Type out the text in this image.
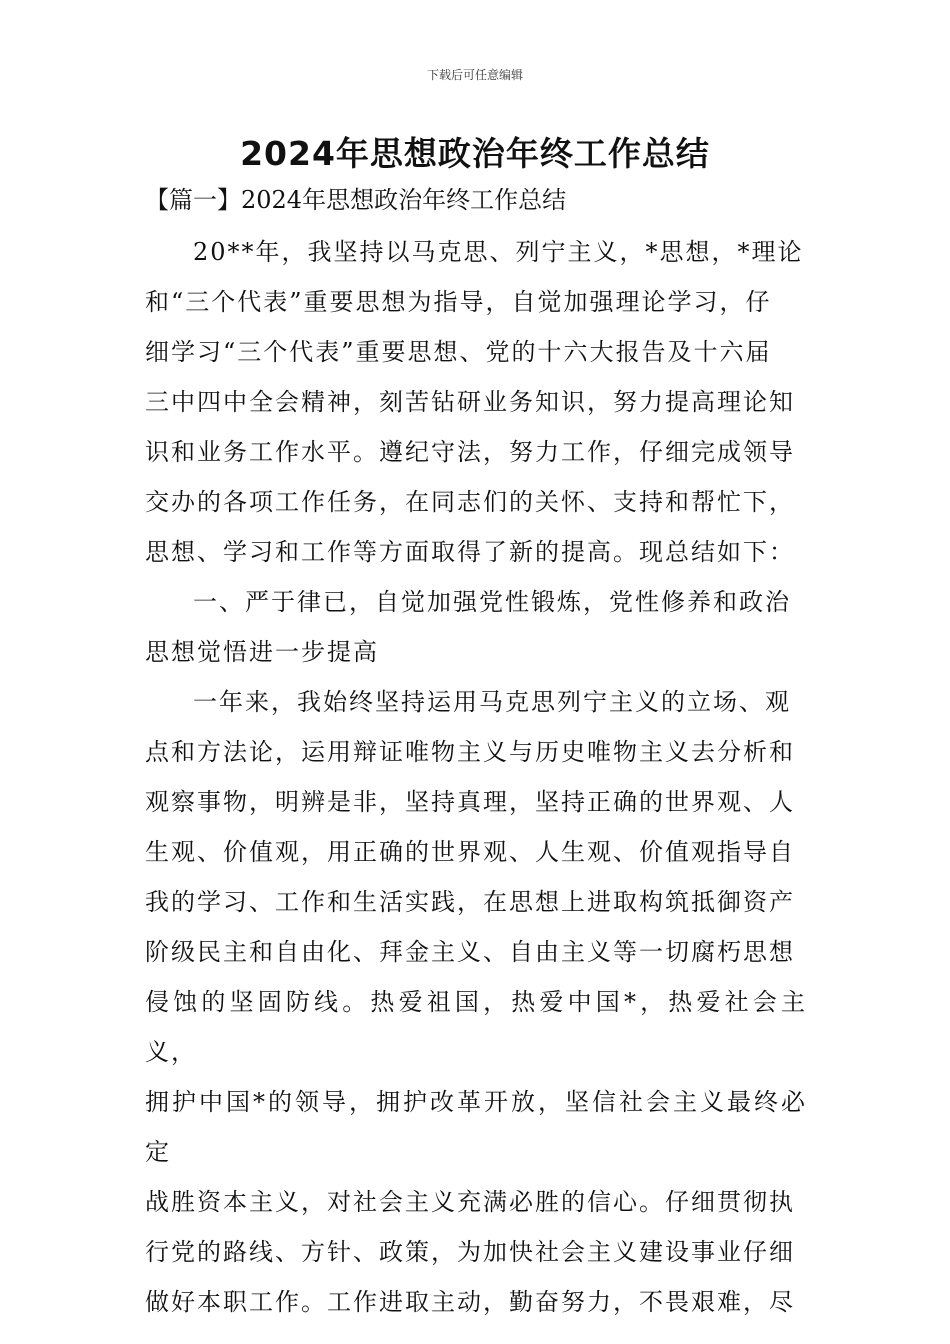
下载后可任意编辑
2024年思想政治年终工作总结
【篇一】2024年思想政治年终工作总结

20**年，我坚持以马克思、列宁主义，*思想，*理论
和“三个代表”重要思想为指导，自觉加强理论学习，仔
细学习“三个代表”重要思想、党的十六大报告及十六届
三中四中全会精神，刻苦钻研业务知识，努力提高理论知
识和业务工作水平。遵纪守法，努力工作，仔细完成领导
交办的各项工作任务，在同志们的关怀、支持和帮忙下，
思想、学习和工作等方面取得了新的提高。现总结如下：

一、严于律已，自觉加强党性锻炼，党性修养和政治
思想觉悟进一步提高

一年来，我始终坚持运用马克思列宁主义的立场、观
点和方法论，运用辩证唯物主义与历史唯物主义去分析和
观察事物，明辨是非，坚持真理，坚持正确的世界观、人
生观、价值观，用正确的世界观、人生观、价值观指导自
我的学习、工作和生活实践，在思想上进取构筑抵御资产
阶级民主和自由化、拜金主义、自由主义等一切腐朽思想
侵蚀的坚固防线。热爱祖国，热爱中国*，热爱社会主义，
拥护中国*的领导，拥护改革开放，坚信社会主义最终必定
战胜资本主义，对社会主义充满必胜的信心。仔细贯彻执
行党的路线、方针、政策，为加快社会主义建设事业仔细
做好本职工作。工作进取主动，勤奋努力，不畏艰难，尽
